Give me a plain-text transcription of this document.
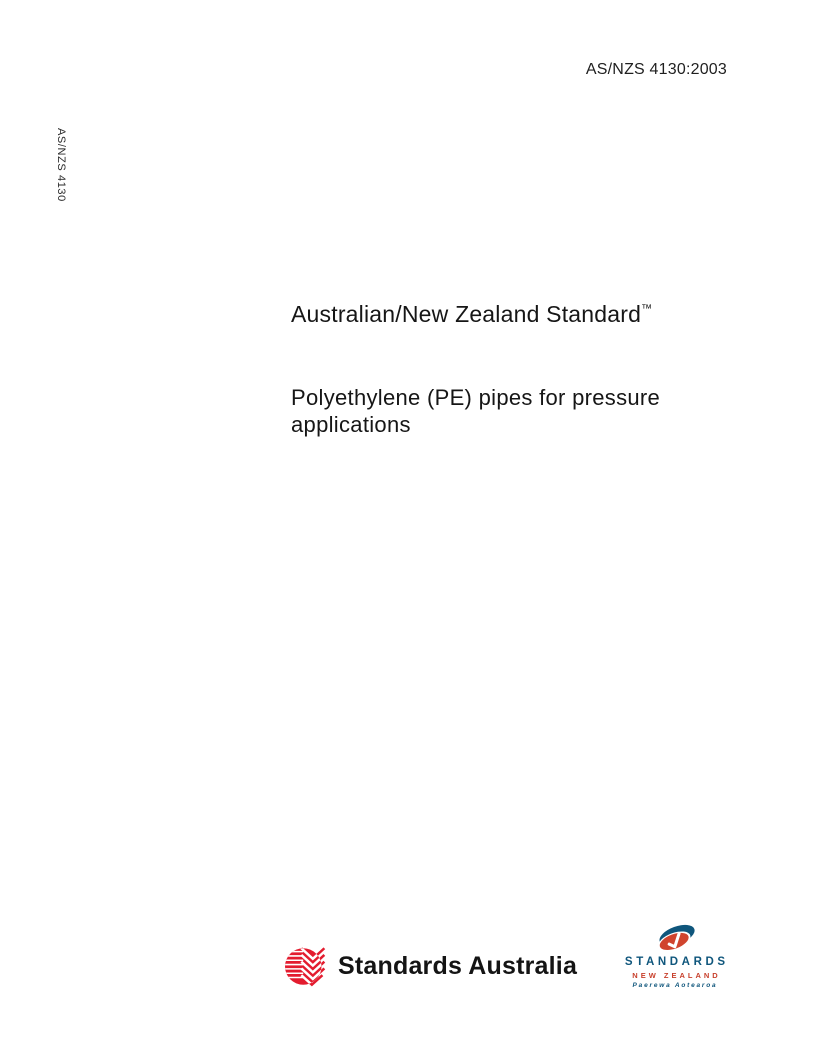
AS/NZS 4130:2003
AS/NZS 4130
Australian/New Zealand Standard™
Polyethylene (PE) pipes for pressure applications
Standards Australia	STANDARDS
NEW ZEALAND
Paerewa Aotearoa
